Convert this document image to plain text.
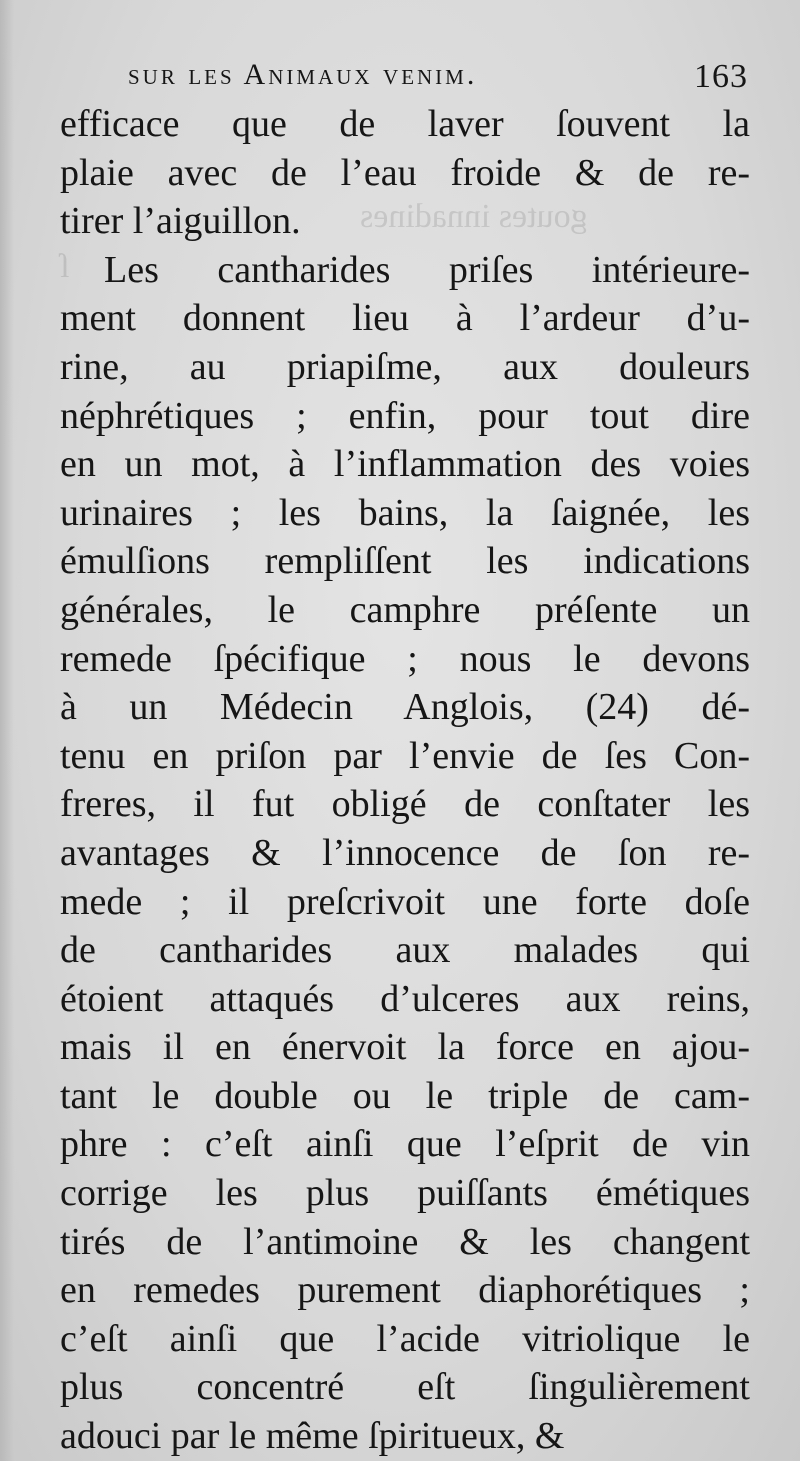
goutes innadines
ſ
sur les Animaux venim.	163
efficace que de laver ſouvent la
plaie avec de l’eau froide & de re-
tirer l’aiguillon.
Les cantharides priſes intérieure-
ment donnent lieu à l’ardeur d’u-
rine, au priapiſme, aux douleurs
néphrétiques ; enfin, pour tout dire
en un mot, à l’inflammation des voies
urinaires ; les bains, la ſaignée, les
émulſions rempliſſent les indications
générales, le camphre préſente un
remede ſpécifique ; nous le devons
à un Médecin Anglois, (24) dé-
tenu en priſon par l’envie de ſes Con-
freres, il fut obligé de conſtater les
avantages & l’innocence de ſon re-
mede ; il preſcrivoit une forte doſe
de cantharides aux malades qui
étoient attaqués d’ulceres aux reins,
mais il en énervoit la force en ajou-
tant le double ou le triple de cam-
phre : c’eſt ainſi que l’eſprit de vin
corrige les plus puiſſants émétiques
tirés de l’antimoine & les changent
en remedes purement diaphorétiques ;
c’eſt ainſi que l’acide vitriolique le
plus concentré eſt ſingulièrement
adouci par le même ſpiritueux, &
